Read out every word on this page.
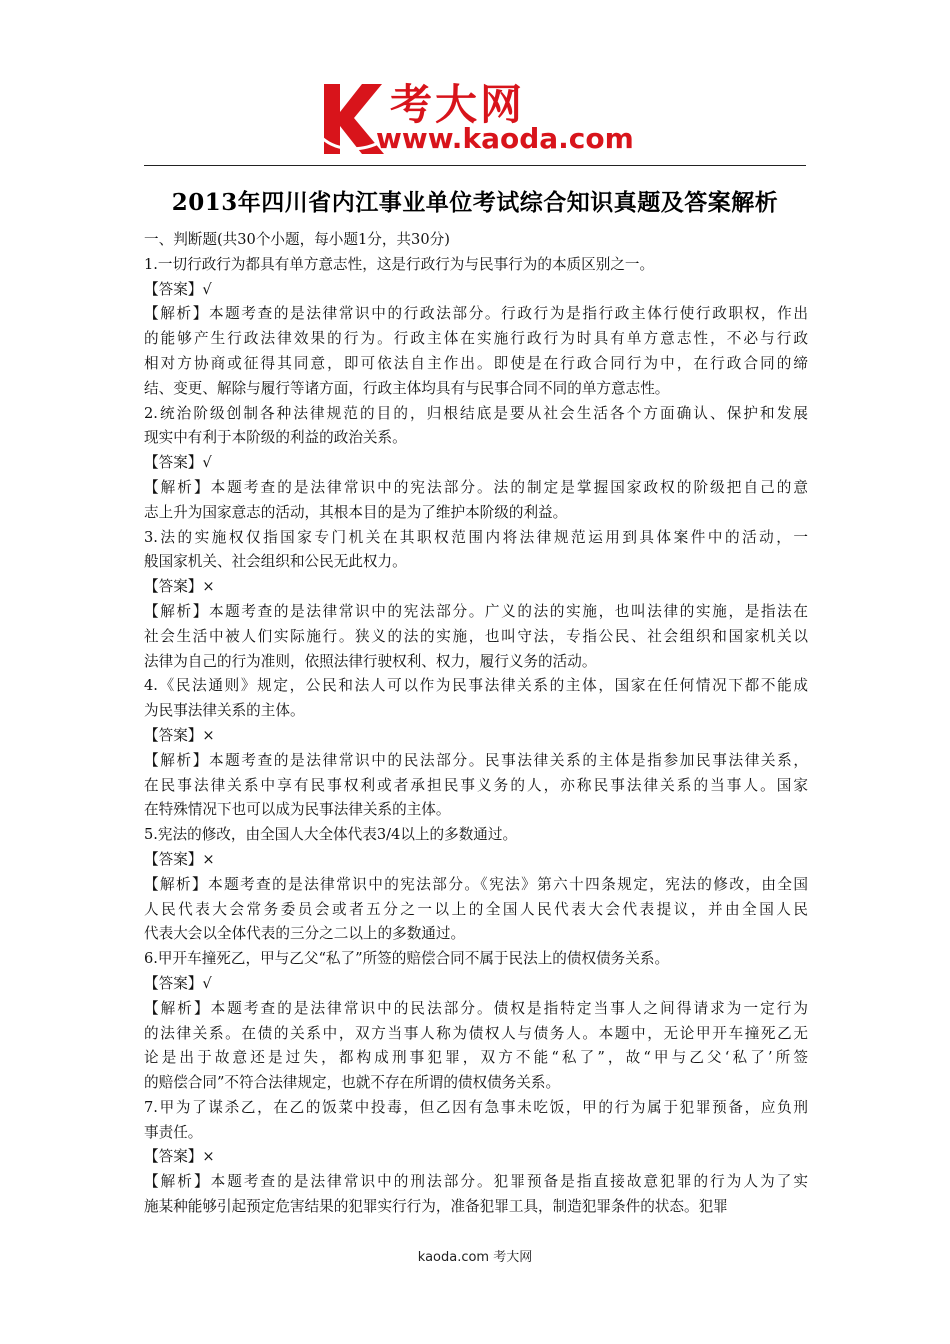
考大网
www.kaoda.com
2013年四川省内江事业单位考试综合知识真题及答案解析
一、判断题(共30个小题，每小题1分，共30分)
1.一切行政行为都具有单方意志性，这是行政行为与民事行为的本质区别之一。
【答案】√
【解析】本题考查的是法律常识中的行政法部分。行政行为是指行政主体行使行政职权，作出
的能够产生行政法律效果的行为。行政主体在实施行政行为时具有单方意志性，不必与行政
相对方协商或征得其同意，即可依法自主作出。即使是在行政合同行为中，在行政合同的缔
结、变更、解除与履行等诸方面，行政主体均具有与民事合同不同的单方意志性。
2.统治阶级创制各种法律规范的目的，归根结底是要从社会生活各个方面确认、保护和发展
现实中有利于本阶级的利益的政治关系。
【答案】√
【解析】本题考查的是法律常识中的宪法部分。法的制定是掌握国家政权的阶级把自己的意
志上升为国家意志的活动，其根本目的是为了维护本阶级的利益。
3.法的实施权仅指国家专门机关在其职权范围内将法律规范运用到具体案件中的活动，一
般国家机关、社会组织和公民无此权力。
【答案】×
【解析】本题考查的是法律常识中的宪法部分。广义的法的实施，也叫法律的实施，是指法在
社会生活中被人们实际施行。狭义的法的实施，也叫守法，专指公民、社会组织和国家机关以
法律为自己的行为准则，依照法律行驶权利、权力，履行义务的活动。
4.《民法通则》规定，公民和法人可以作为民事法律关系的主体，国家在任何情况下都不能成
为民事法律关系的主体。
【答案】×
【解析】本题考查的是法律常识中的民法部分。民事法律关系的主体是指参加民事法律关系，
在民事法律关系中享有民事权利或者承担民事义务的人，亦称民事法律关系的当事人。国家
在特殊情况下也可以成为民事法律关系的主体。
5.宪法的修改，由全国人大全体代表3/4以上的多数通过。
【答案】×
【解析】本题考查的是法律常识中的宪法部分。《宪法》第六十四条规定，宪法的修改，由全国
人民代表大会常务委员会或者五分之一以上的全国人民代表大会代表提议，并由全国人民
代表大会以全体代表的三分之二以上的多数通过。
6.甲开车撞死乙，甲与乙父“私了”所签的赔偿合同不属于民法上的债权债务关系。
【答案】√
【解析】本题考查的是法律常识中的民法部分。债权是指特定当事人之间得请求为一定行为
的法律关系。在债的关系中，双方当事人称为债权人与债务人。本题中，无论甲开车撞死乙无
论是出于故意还是过失，都构成刑事犯罪，双方不能“私了”，故“甲与乙父‘私了’所签
的赔偿合同”不符合法律规定，也就不存在所谓的债权债务关系。
7.甲为了谋杀乙，在乙的饭菜中投毒，但乙因有急事未吃饭，甲的行为属于犯罪预备，应负刑
事责任。
【答案】×
【解析】本题考查的是法律常识中的刑法部分。犯罪预备是指直接故意犯罪的行为人为了实
施某种能够引起预定危害结果的犯罪实行行为，准备犯罪工具，制造犯罪条件的状态。犯罪
kaoda.com 考大网
